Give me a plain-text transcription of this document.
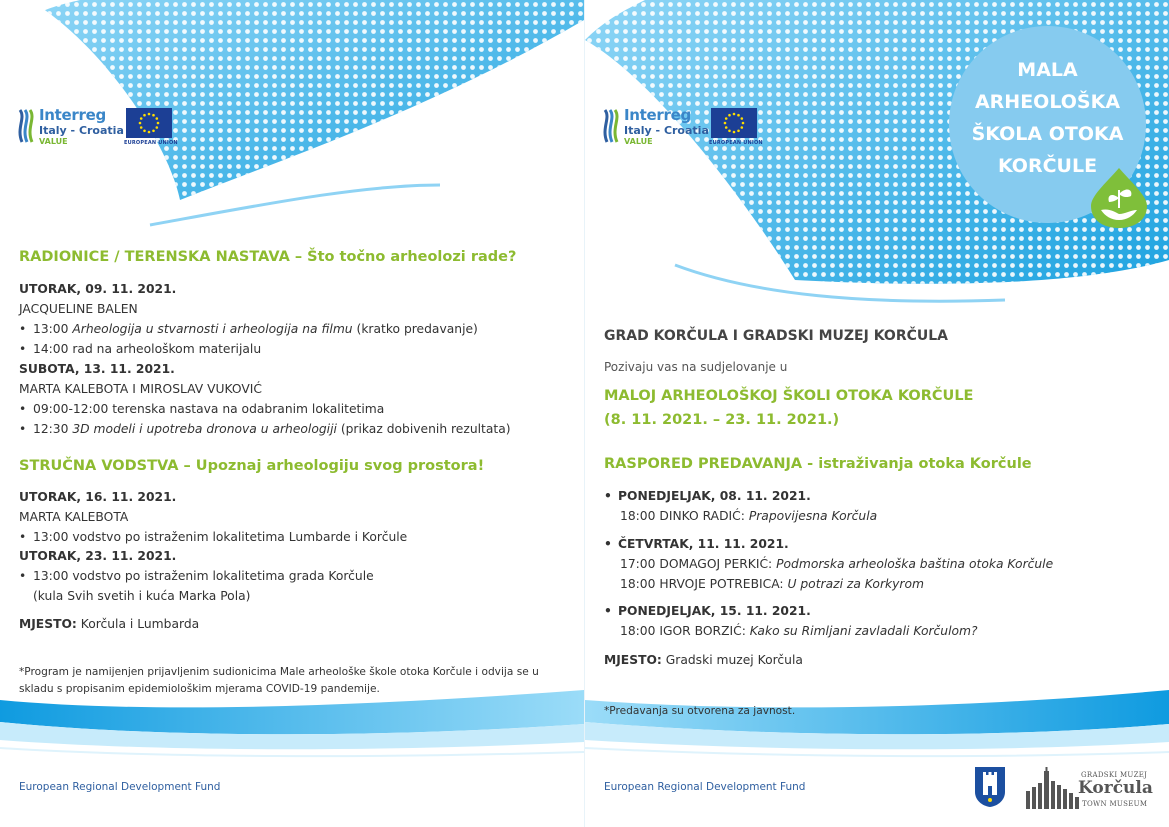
Interreg
Italy - Croatia
VALUE	EUROPEAN UNION
RADIONICE / TERENSKA NASTAVA – Što točno arheolozi rade?
UTORAK, 09. 11. 2021.
JACQUELINE BALEN
• 13:00 Arheologija u stvarnosti i arheologija na filmu (kratko predavanje)
• 14:00 rad na arheološkom materijalu
SUBOTA, 13. 11. 2021.
MARTA KALEBOTA I MIROSLAV VUKOVIĆ
• 09:00-12:00 terenska nastava na odabranim lokalitetima
• 12:30 3D modeli i upotreba dronova u arheologiji (prikaz dobivenih rezultata)
STRUČNA VODSTVA – Upoznaj arheologiju svog prostora!
UTORAK, 16. 11. 2021.
MARTA KALEBOTA
• 13:00 vodstvo po istraženim lokalitetima Lumbarde i Korčule
UTORAK, 23. 11. 2021.
• 13:00 vodstvo po istraženim lokalitetima grada Korčule
(kula Svih svetih i kuća Marka Pola)
MJESTO: Korčula i Lumbarda
*Program je namijenjen prijavljenim sudionicima Male arheološke škole otoka Korčule i odvija se u skladu s propisanim epidemiološkim mjerama COVID-19 pandemije.
European Regional Development Fund
Interreg
Italy - Croatia
VALUE	EUROPEAN UNION
MALA
ARHEOLOŠKA
ŠKOLA OTOKA
KORČULE
GRAD KORČULA I GRADSKI MUZEJ KORČULA
Pozivaju vas na sudjelovanje u
MALOJ ARHEOLOŠKOJ ŠKOLI OTOKA KORČULE
(8. 11. 2021. – 23. 11. 2021.)
RASPORED PREDAVANJA - istraživanja otoka Korčule
• PONEDJELJAK, 08. 11. 2021.
18:00 DINKO RADIĆ: Prapovijesna Korčula
• ČETVRTAK, 11. 11. 2021.
17:00 DOMAGOJ PERKIĆ: Podmorska arheološka baština otoka Korčule
18:00 HRVOJE POTREBICA: U potrazi za Korkyrom
• PONEDJELJAK, 15. 11. 2021.
18:00 IGOR BORZIĆ: Kako su Rimljani zavladali Korčulom?
MJESTO: Gradski muzej Korčula
*Predavanja su otvorena za javnost.
European Regional Development Fund
GRADSKI MUZEJ
Korčula
TOWN MUSEUM
